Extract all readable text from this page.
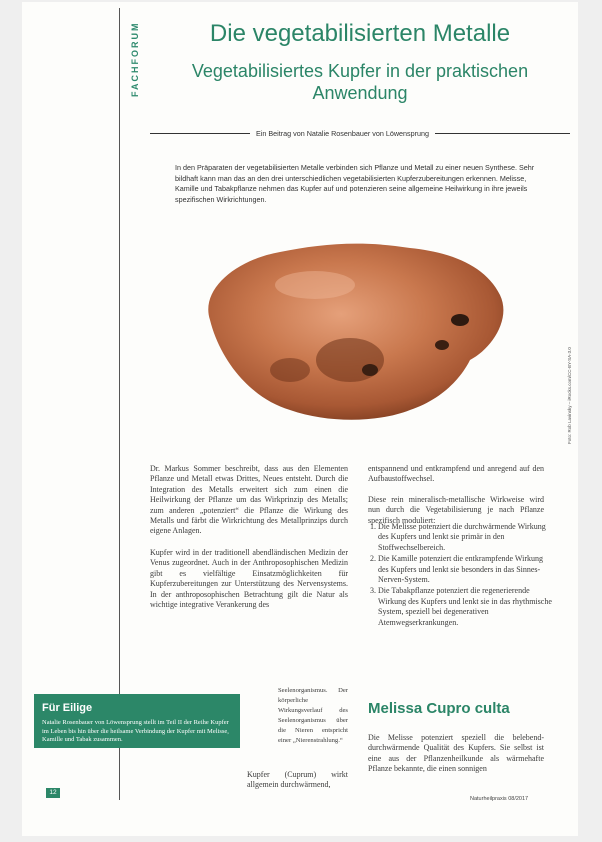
FACHFORUM	Die vegetabilisierten Metalle
Vegetabilisiertes Kupfer in der praktischen Anwendung
Ein Beitrag von Natalie Rosenbauer von Löwensprung
In den Präparaten der vegetabilisierten Metalle verbinden sich Pflanze und Metall zu einer neuen Synthese. Sehr bildhaft kann man das an den drei unterschiedlichen vegetabilisierten Kupferzubereitungen erkennen. Melisse, Kamille und Tabakpflanze nehmen das Kupfer auf und potenzieren seine allgemeine Heilwirkung in ihre jeweils spezifischen Wirkrichtungen.
Foto: Rob Lavinsky – iRocks.com/CC-BY-SA-3.0

Dr. Markus Sommer beschreibt, dass aus den Elementen Pflanze und Metall etwas Drittes, Neues entsteht. Durch die Integration des Metalls erweitert sich zum einen die Heilwirkung der Pflanze um das Wirkprinzip des Metalls; zum anderen „potenziert“ die Pflanze die Wirkung des Metalls und färbt die Wirkrichtung des Metallprinzips durch eigene Anlagen.

Kupfer wird in der traditionell abendländischen Medizin der Venus zugeordnet. Auch in der Anthroposophischen Medizin gibt es vielfältige Einsatzmöglichkeiten für Kupferzubereitungen zur Unterstützung des Nervensystems. In der anthroposophischen Betrachtung gilt die Natur als wichtige integrative Verankerung des

Seelenorganismus. Der körperliche Wirkungsverlauf des Seelenorganismus über die Nieren entspricht einer „Nierenstrahlung.“

Kupfer (Cuprum) wirkt allgemein durchwärmend,

entspannend und entkrampfend und anregend auf den Aufbaustoffwechsel.

Diese rein mineralisch-metallische Wirkweise wird nun durch die Vegetabilisierung je nach Pflanze spezifisch moduliert:

1. Die Melisse potenziert die durchwärmende Wirkung des Kupfers und lenkt sie primär in den Stoffwechselbereich.
2. Die Kamille potenziert die entkrampfende Wirkung des Kupfers und lenkt sie besonders in das Sinnes-Nerven-System.
3. Die Tabakpflanze potenziert die regenerierende Wirkung des Kupfers und lenkt sie in das rhythmische System, speziell bei degenerativen Atemwegserkrankungen.
Melissa Cupro culta

Die Melisse potenziert speziell die belebend-durchwärmende Qualität des Kupfers. Sie selbst ist eine aus der Pflanzenheilkunde als wärmehafte Pflanze bekannte, die einen sonnigen

Für Eilige
Natalie Rosenbauer von Löwensprung stellt im Teil II der Reihe Kupfer im Leben bis hin über die heilsame Verbindung der Kupfer mit Melisse, Kamille und Tabak zusammen.
12
Naturheilpraxis 08/2017
